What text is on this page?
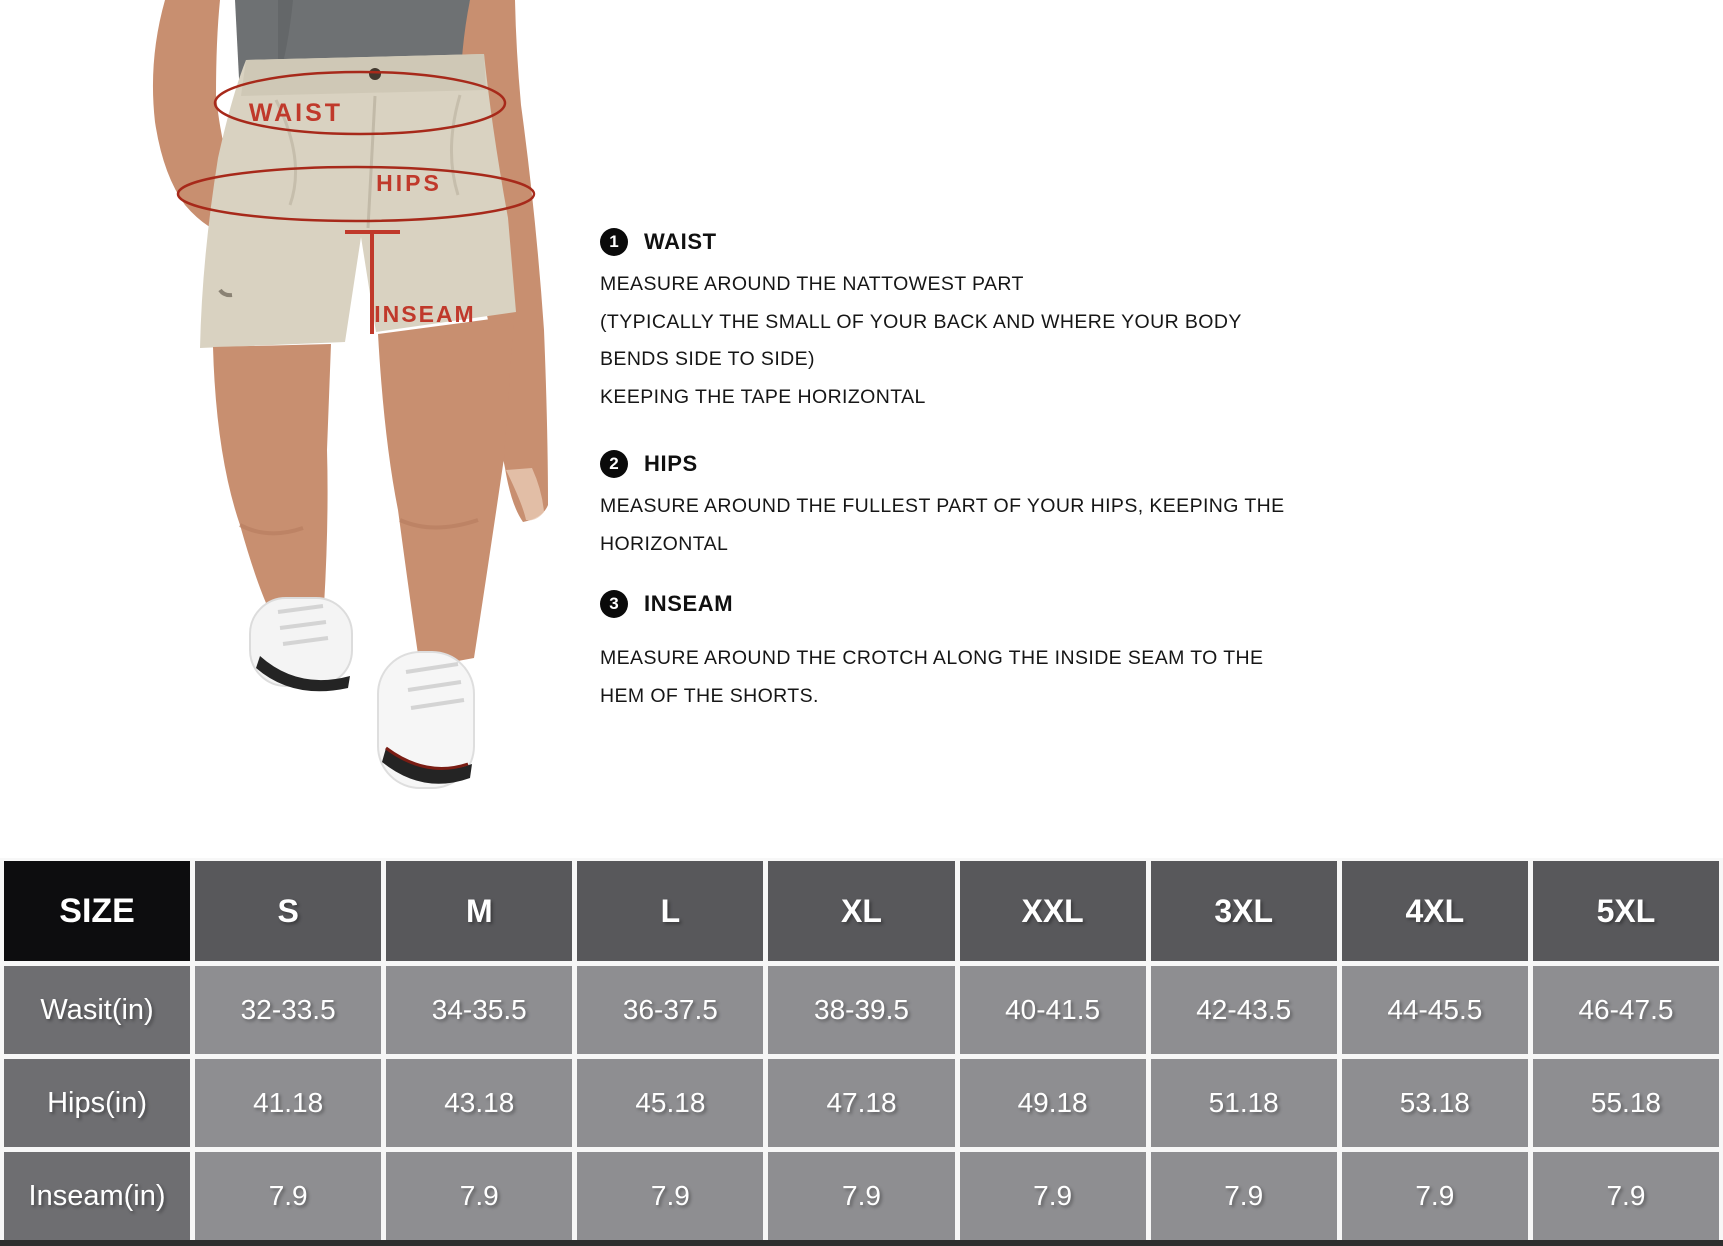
WAIST
HIPS
INSEAM
1	WAIST

MEASURE AROUND THE NATTOWEST PART

(TYPICALLY THE SMALL OF YOUR BACK AND WHERE YOUR BODY

BENDS SIDE TO SIDE)

KEEPING THE TAPE HORIZONTAL

2	HIPS

MEASURE AROUND THE FULLEST PART OF YOUR HIPS, KEEPING THE

HORIZONTAL

3	INSEAM

MEASURE AROUND THE CROTCH ALONG THE INSIDE SEAM TO THE

HEM OF THE SHORTS.

SIZE	S	M	L	XL	XXL	3XL	4XL	5XL
Wasit(in)	32-33.5	34-35.5	36-37.5	38-39.5	40-41.5	42-43.5	44-45.5	46-47.5
Hips(in)	41.18	43.18	45.18	47.18	49.18	51.18	53.18	55.18
Inseam(in)	7.9	7.9	7.9	7.9	7.9	7.9	7.9	7.9
